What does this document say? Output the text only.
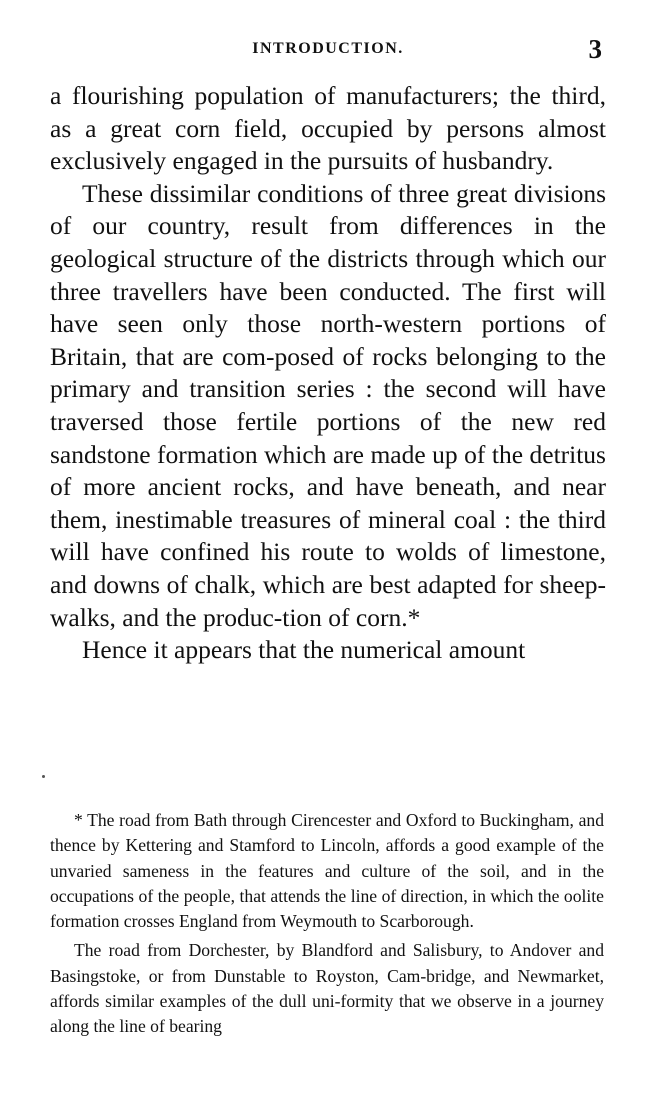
INTRODUCTION.	3

a flourishing population of manufacturers; the third, as a great corn field, occupied by persons almost exclusively engaged in the pursuits of husbandry.

These dissimilar conditions of three great divisions of our country, result from differences in the geological structure of the districts through which our three travellers have been conducted. The first will have seen only those north-western portions of Britain, that are com-posed of rocks belonging to the primary and transition series : the second will have traversed those fertile portions of the new red sandstone formation which are made up of the detritus of more ancient rocks, and have beneath, and near them, inestimable treasures of mineral coal : the third will have confined his route to wolds of limestone, and downs of chalk, which are best adapted for sheep-walks, and the produc-tion of corn.*

Hence it appears that the numerical amount

* The road from Bath through Cirencester and Oxford to Buckingham, and thence by Kettering and Stamford to Lincoln, affords a good example of the unvaried sameness in the features and culture of the soil, and in the occupations of the people, that attends the line of direction, in which the oolite formation crosses England from Weymouth to Scarborough.

The road from Dorchester, by Blandford and Salisbury, to Andover and Basingstoke, or from Dunstable to Royston, Cam-bridge, and Newmarket, affords similar examples of the dull uni-formity that we observe in a journey along the line of bearing
